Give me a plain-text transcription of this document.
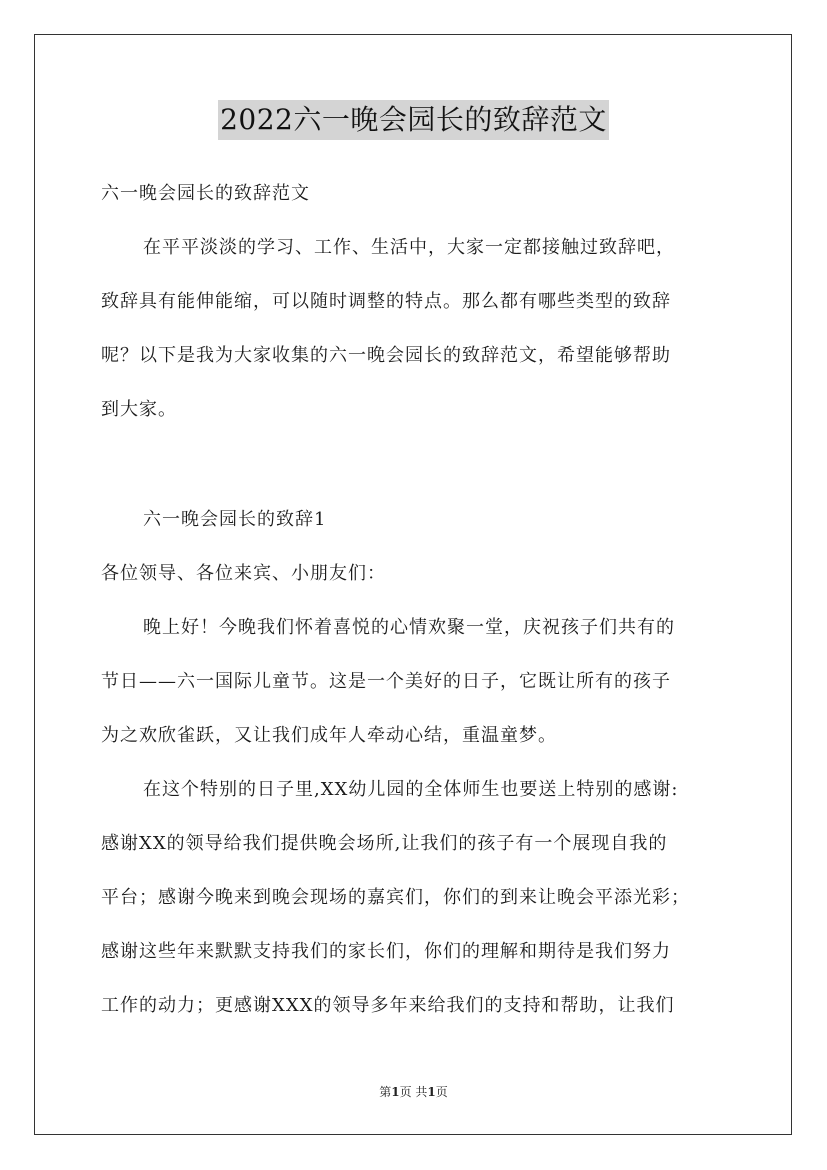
2022六一晚会园长的致辞范文
六一晚会园长的致辞范文
在平平淡淡的学习、工作、生活中，大家一定都接触过致辞吧，
致辞具有能伸能缩，可以随时调整的特点。那么都有哪些类型的致辞
呢？以下是我为大家收集的六一晚会园长的致辞范文，希望能够帮助
到大家。
六一晚会园长的致辞1
各位领导、各位来宾、小朋友们：
晚上好！今晚我们怀着喜悦的心情欢聚一堂，庆祝孩子们共有的
节日——六一国际儿童节。这是一个美好的日子，它既让所有的孩子
为之欢欣雀跃，又让我们成年人牵动心结，重温童梦。
在这个特别的日子里,XX幼儿园的全体师生也要送上特别的感谢:
感谢XX的领导给我们提供晚会场所,让我们的孩子有一个展现自我的
平台；感谢今晚来到晚会现场的嘉宾们，你们的到来让晚会平添光彩；
感谢这些年来默默支持我们的家长们，你们的理解和期待是我们努力
工作的动力；更感谢XXX的领导多年来给我们的支持和帮助，让我们
第1页 共1页
